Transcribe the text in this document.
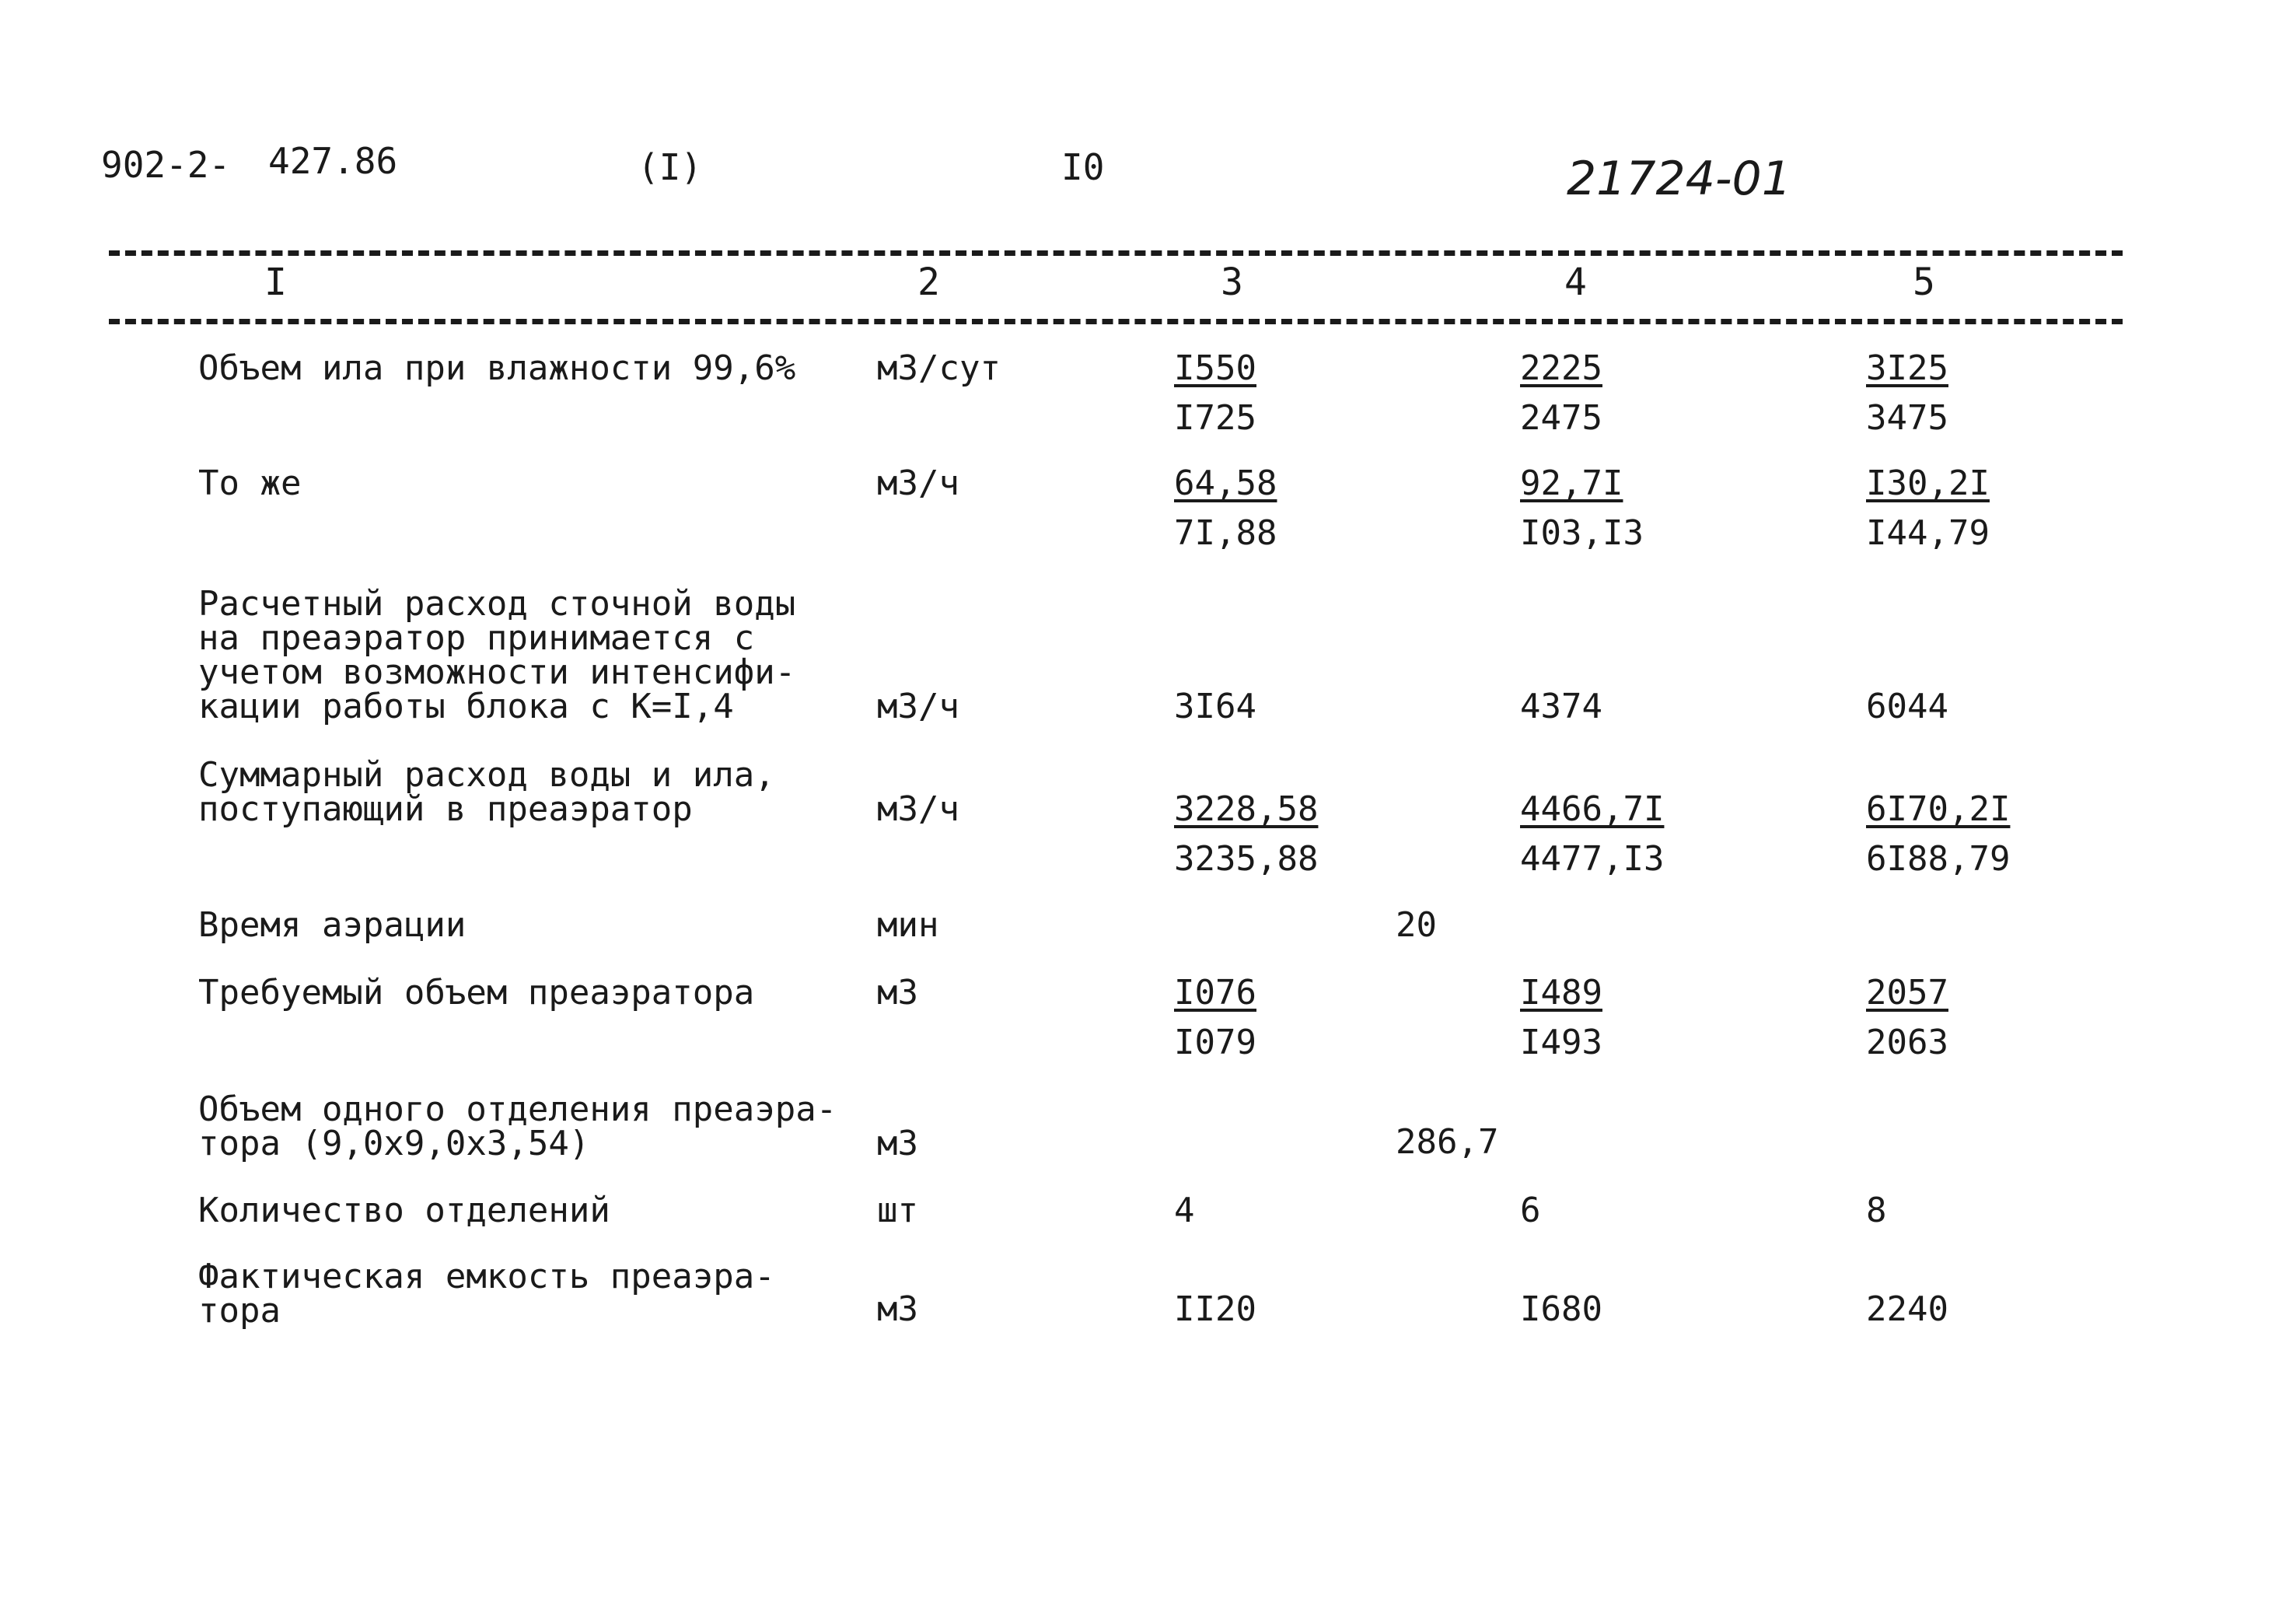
902-2- 427.86	(I)	I0	21724-01
I	2	3	4	5
Объем ила при влажности 99,6%	м3/сут	$\frac{I550}{I725}$	$\frac{2225}{2475}$	$\frac{3I25}{3475}$
То же	м3/ч	$\frac{64,58}{7I,88}$	$\frac{92,7I}{I03,I3}$	$\frac{I30,2I}{I44,79}$
Расчетный расход сточной воды
на преаэратор принимается с
учетом возможности интенсифи-
кации работы блока с К=I,4	м3/ч	3I64	4374	6044
Суммарный расход воды и ила,
поступающий в преаэратор	м3/ч	$\frac{3228,58}{3235,88}$	$\frac{4466,7I}{4477,I3}$	$\frac{6I70,2I}{6I88,79}$
Время аэрации	мин	20
Требуемый объем преаэратора	м3	$\frac{I076}{I079}$	$\frac{I489}{I493}$	$\frac{2057}{2063}$
Объем одного отделения преаэра-
тора (9,0х9,0х3,54)	м3	286,7
Количество отделений	шт	4	6	8
Фактическая емкость преаэра-
тора	м3	II20	I680	2240
